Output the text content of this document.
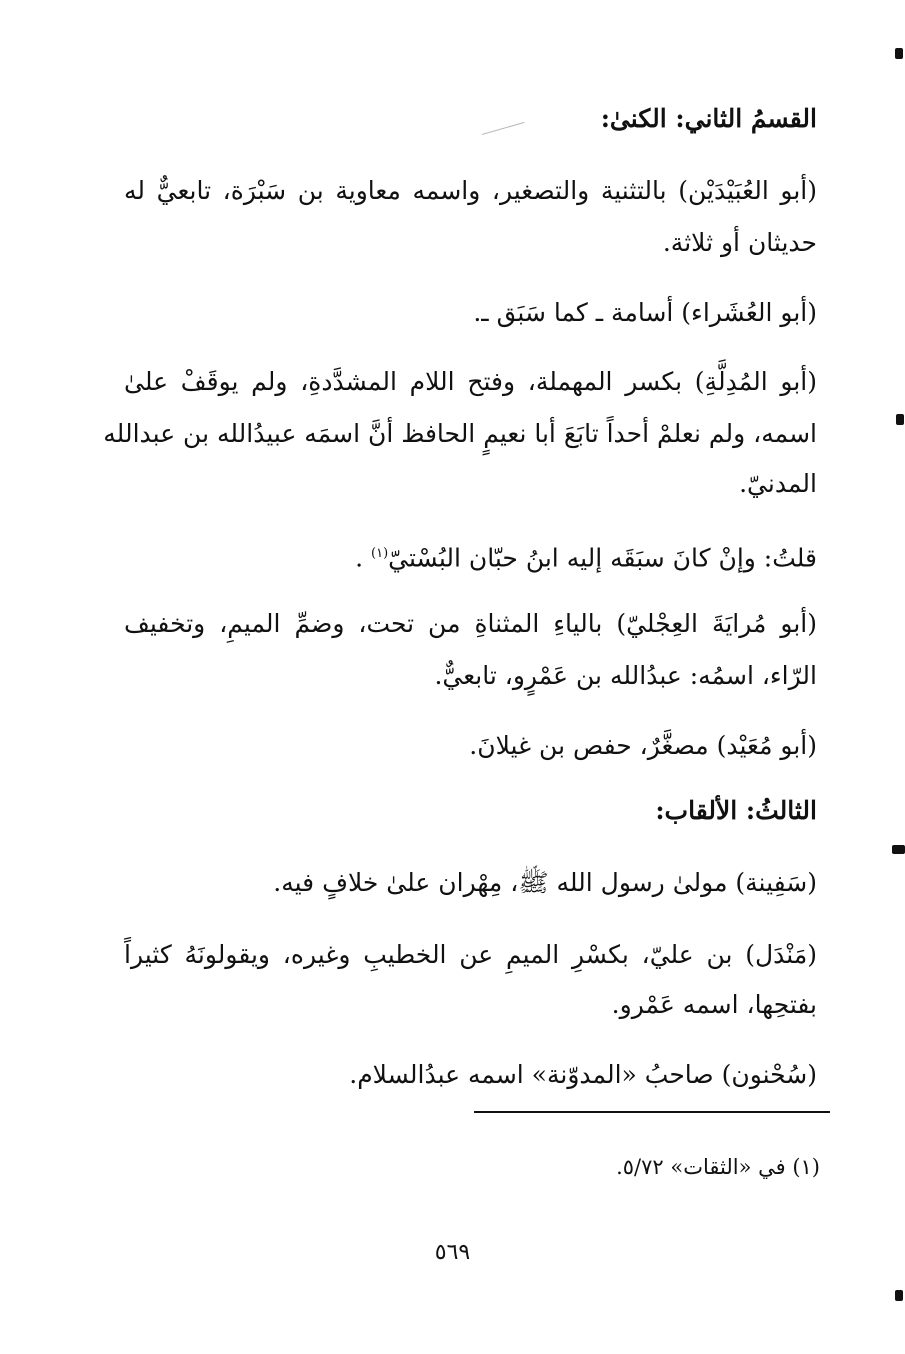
القسمُ الثاني: الكنىٰ:
(أبو العُبَيْدَيْن) بالتثنية والتصغير، واسمه معاوية بن سَبْرَة، تابعيٌّ له
حديثان أو ثلاثة.
(أبو العُشَراء) أسامة ـ كما سَبَق ـ.
(أبو المُدِلَّةِ) بكسر المهملة، وفتح اللام المشدَّدةِ، ولم يوقَفْ علىٰ
اسمه، ولم نعلمْ أحداً تابَعَ أبا نعيمٍ الحافظ أنَّ اسمَه عبيدُالله بن عبدالله
المدنيّ.
قلتُ: وإنْ كانَ سبَقَه إليه ابنُ حبّان البُسْتيّ$^{(١)}$ .
(أبو مُرايَةَ العِجْليّ) بالياءِ المثناةِ من تحت، وضمِّ الميمِ، وتخفيف
الرّاء، اسمُه: عبدُالله بن عَمْرٍو، تابعيٌّ.
(أبو مُعَيْد) مصغَّرٌ، حفص بن غيلانَ.
الثالثُ: الألقاب:
(سَفِينة) مولىٰ رسول الله ﷺ، مِهْران علىٰ خلافٍ فيه.
(مَنْدَل) بن عليّ، بكسْرِ الميمِ عن الخطيبِ وغيره، ويقولونَهُ كثيراً
بفتحِها، اسمه عَمْرو.
(سُحْنون) صاحبُ «المدوّنة» اسمه عبدُالسلام.
(١) في «الثقات» ٥/٧٢.
٥٦٩
